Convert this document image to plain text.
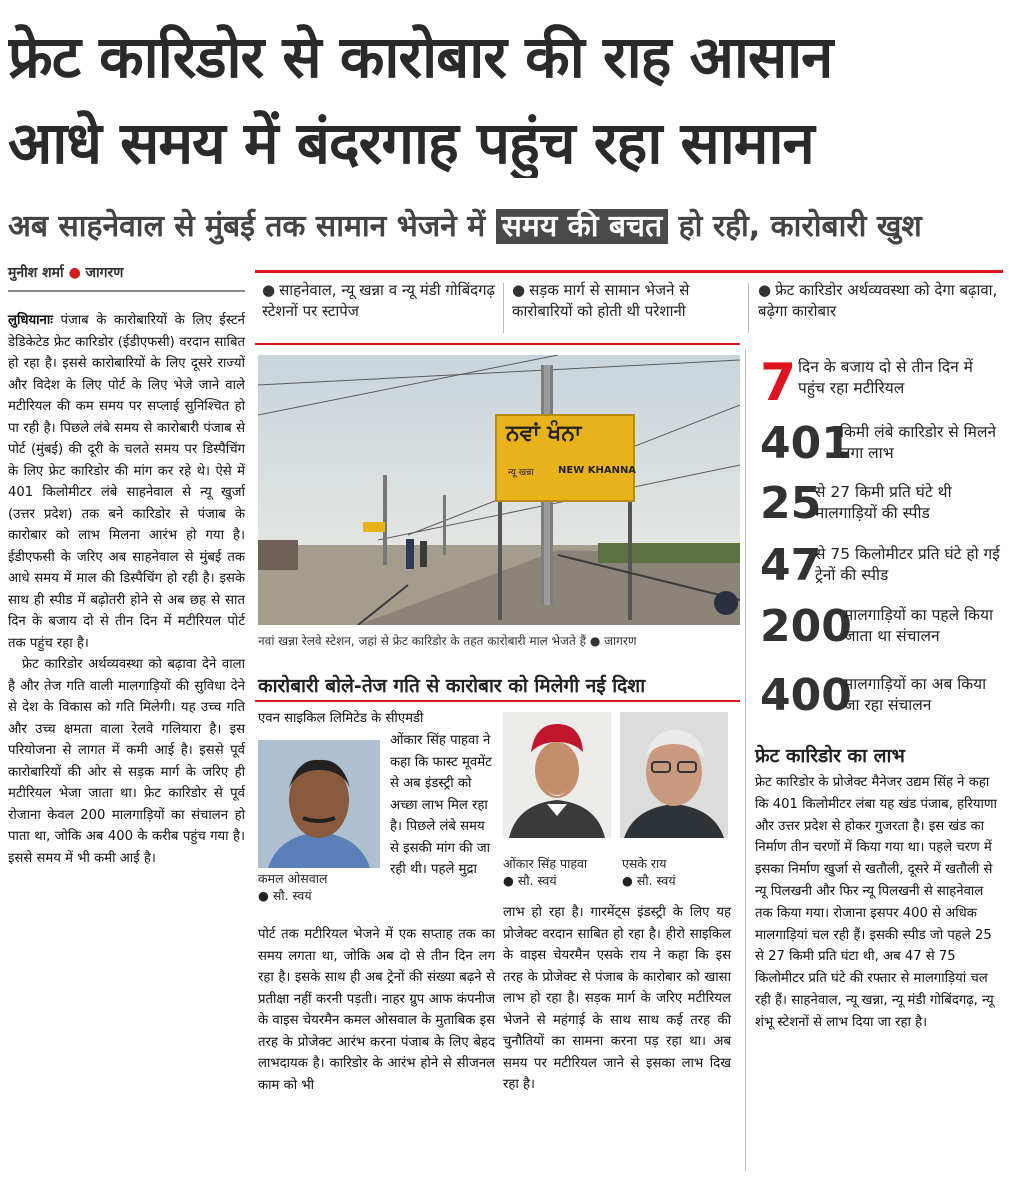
फ्रेट कारिडोर से कारोबार की राह आसान
आधे समय में बंदरगाह पहुंच रहा सामान
अब साहनेवाल से मुंबई तक सामान भेजने में समय की बचत हो रही, कारोबारी खुश
मुनीश शर्मा ● जागरण
● साहनेवाल, न्यू खन्ना व न्यू मंडी गोबिंदगढ़ स्टेशनों पर स्टापेज
● सड़क मार्ग से सामान भेजने से कारोबारियों को होती थी परेशानी
● फ्रेट कारिडोर अर्थव्यवस्था को देगा बढ़ावा, बढ़ेगा कारोबार

लुधियानाः पंजाब के कारोबारियों के लिए ईस्टर्न डेडिकेटेड फ्रेट कारिडोर (ईडीएफसी) वरदान साबित हो रहा है। इससे कारोबारियों के लिए दूसरे राज्यों और विदेश के लिए पोर्ट के लिए भेजे जाने वाले मटीरियल की कम समय पर सप्लाई सुनिश्चित हो पा रही है। पिछले लंबे समय से कारोबारी पंजाब से पोर्ट (मुंबई) की दूरी के चलते समय पर डिस्पैचिंग के लिए फ्रेट कारिडोर की मांग कर रहे थे। ऐसे में 401 किलोमीटर लंबे साहनेवाल से न्यू खुर्जा (उत्तर प्रदेश) तक बने कारिडोर से पंजाब के कारोबार को लाभ मिलना आरंभ हो गया है। ईडीएफसी के जरिए अब साहनेवाल से मुंबई तक आधे समय में माल की डिस्पैचिंग हो रही है। इसके साथ ही स्पीड में बढ़ोतरी होने से अब छह से सात दिन के बजाय दो से तीन दिन में मटीरियल पोर्ट तक पहुंच रहा है।

फ्रेट कारिडोर अर्थव्यवस्था को बढ़ावा देने वाला है और तेज गति वाली मालगाड़ियों की सुविधा देने से देश के विकास को गति मिलेगी। यह उच्च गति और उच्च क्षमता वाला रेलवे गलियारा है। इस परियोजना से लागत में कमी आई है। इससे पूर्व कारोबारियों की ओर से सड़क मार्ग के जरिए ही मटीरियल भेजा जाता था। फ्रेट कारिडोर से पूर्व रोजाना केवल 200 मालगाड़ियों का संचालन हो पाता था, जोकि अब 400 के करीब पहुंच गया है। इससे समय में भी कमी आई है।

ਨਵਾਂ ਖੰਨਾ
न्यू खन्ना NEW KHANNA
नवां खन्ना रेलवे स्टेशन, जहां से फ्रेट कारिडोर के तहत कारोबारी माल भेजते हैं ● जागरण
कारोबारी बोले-तेज गति से कारोबार को मिलेगी नई दिशा
एवन साइकिल लिमिटेड के सीएमडी
कमल ओसवाल
● सौ. स्वयं
ओंकार सिंह पाहवा ने कहा कि फास्ट मूवमेंट से अब इंडस्ट्री को अच्छा लाभ मिल रहा है। पिछले लंबे समय से इसकी मांग की जा रही थी। पहले मुद्रा
पोर्ट तक मटीरियल भेजने में एक सप्ताह तक का समय लगता था, जोकि अब दो से तीन दिन लग रहा है। इसके साथ ही अब ट्रेनों की संख्या बढ़ने से प्रतीक्षा नहीं करनी पड़ती। नाहर ग्रुप आफ कंपनीज के वाइस चेयरमैन कमल ओसवाल के मुताबिक इस तरह के प्रोजेक्ट आरंभ करना पंजाब के लिए बेहद लाभदायक है। कारिडोर के आरंभ होने से सीजनल काम को भी
ओंकार सिंह पाहवा
● सौ. स्वयं
एसके राय
● सौ. स्वयं
लाभ हो रहा है। गारमेंट्स इंडस्ट्री के लिए यह प्रोजेक्ट वरदान साबित हो रहा है। हीरो साइकिल के वाइस चेयरमैन एसके राय ने कहा कि इस तरह के प्रोजेक्ट से पंजाब के कारोबार को खासा लाभ हो रहा है। सड़क मार्ग के जरिए मटीरियल भेजने से महंगाई के साथ साथ कई तरह की चुनौतियों का सामना करना पड़ रहा था। अब समय पर मटीरियल जाने से इसका लाभ दिख रहा है।
7 दिन के बजाय दो से तीन दिन में पहुंच रहा मटीरियल
401
किमी लंबे कारिडोर से मिलने लगा लाभ
25
से 27 किमी प्रति घंटे थी मालगाड़ियों की स्पीड
47
से 75 किलोमीटर प्रति घंटे हो गई ट्रेनों की स्पीड
200
मालगाड़ियों का पहले किया जाता था संचालन
400
मालगाड़ियों का अब किया जा रहा संचालन
फ्रेट कारिडोर का लाभ
फ्रेट कारिडोर के प्रोजेक्ट मैनेजर उद्यम सिंह ने कहा कि 401 किलोमीटर लंबा यह खंड पंजाब, हरियाणा और उत्तर प्रदेश से होकर गुजरता है। इस खंड का निर्माण तीन चरणों में किया गया था। पहले चरण में इसका निर्माण खुर्जा से खतौली, दूसरे में खतौली से न्यू पिलखनी और फिर न्यू पिलखनी से साहनेवाल तक किया गया। रोजाना इसपर 400 से अधिक मालगाड़ियां चल रही हैं। इसकी स्पीड जो पहले 25 से 27 किमी प्रति घंटा थी, अब 47 से 75 किलोमीटर प्रति घंटे की रफ्तार से मालगाड़ियां चल रही हैं। साहनेवाल, न्यू खन्ना, न्यू मंडी गोबिंदगढ़, न्यू शंभू स्टेशनों से लाभ दिया जा रहा है।
